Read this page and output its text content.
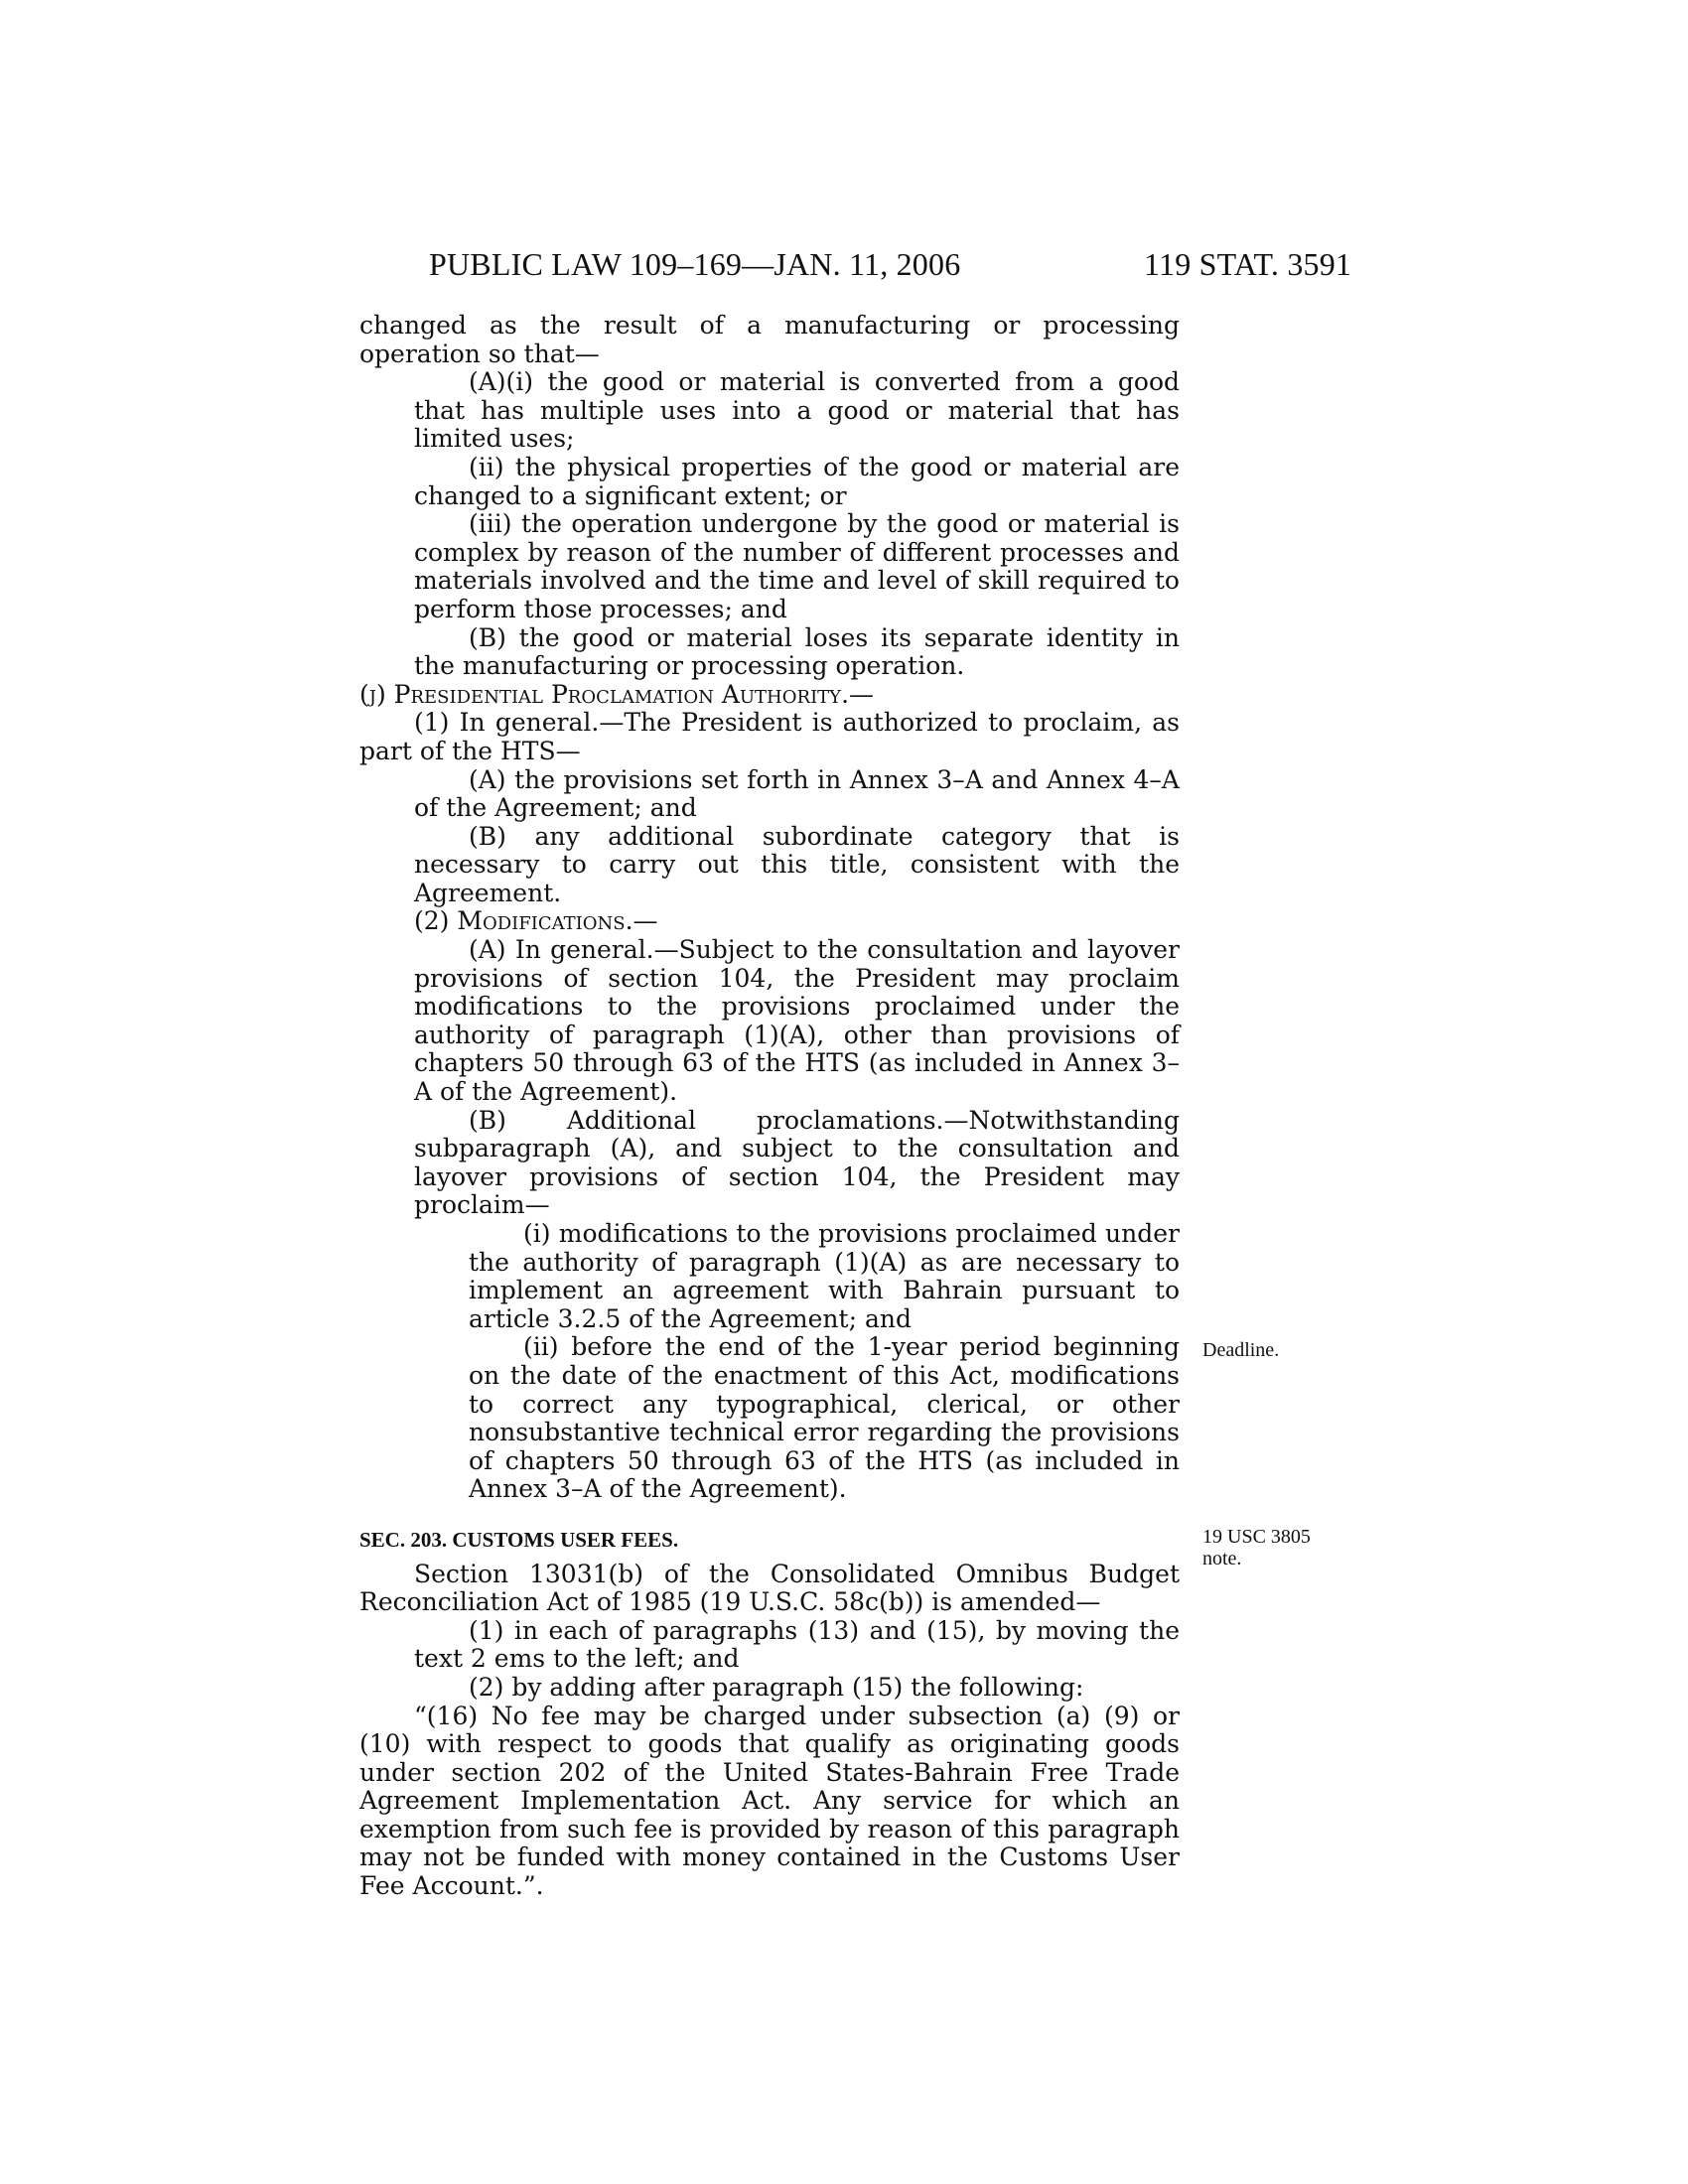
PUBLIC LAW 109–169—JAN. 11, 2006	119 STAT. 3591

changed as the result of a manufacturing or processing operation so that—

(A)(i) the good or material is converted from a good that has multiple uses into a good or material that has limited uses;

(ii) the physical properties of the good or material are changed to a significant extent; or

(iii) the operation undergone by the good or material is complex by reason of the number of different processes and materials involved and the time and level of skill required to perform those processes; and

(B) the good or material loses its separate identity in the manufacturing or processing operation.

(j) Presidential Proclamation Authority.—

(1) In general.—The President is authorized to proclaim, as part of the HTS—

(A) the provisions set forth in Annex 3–A and Annex 4–A of the Agreement; and

(B) any additional subordinate category that is necessary to carry out this title, consistent with the Agreement.

(2) Modifications.—

(A) In general.—Subject to the consultation and layover provisions of section 104, the President may proclaim modifications to the provisions proclaimed under the authority of paragraph (1)(A), other than provisions of chapters 50 through 63 of the HTS (as included in Annex 3–A of the Agreement).

(B) Additional proclamations.—Notwithstanding subparagraph (A), and subject to the consultation and layover provisions of section 104, the President may proclaim—

(i) modifications to the provisions proclaimed under the authority of paragraph (1)(A) as are necessary to implement an agreement with Bahrain pursuant to article 3.2.5 of the Agreement; and

(ii) before the end of the 1-year period beginning on the date of the enactment of this Act, modifications to correct any typographical, clerical, or other nonsubstantive technical error regarding the provisions of chapters 50 through 63 of the HTS (as included in Annex 3–A of the Agreement).

SEC. 203. CUSTOMS USER FEES.

Section 13031(b) of the Consolidated Omnibus Budget Reconciliation Act of 1985 (19 U.S.C. 58c(b)) is amended—

(1) in each of paragraphs (13) and (15), by moving the text 2 ems to the left; and

(2) by adding after paragraph (15) the following:

“(16) No fee may be charged under subsection (a) (9) or (10) with respect to goods that qualify as originating goods under section 202 of the United States-Bahrain Free Trade Agreement Implementation Act. Any service for which an exemption from such fee is provided by reason of this paragraph may not be funded with money contained in the Customs User Fee Account.”.

Deadline.
19 USC 3805
note.
